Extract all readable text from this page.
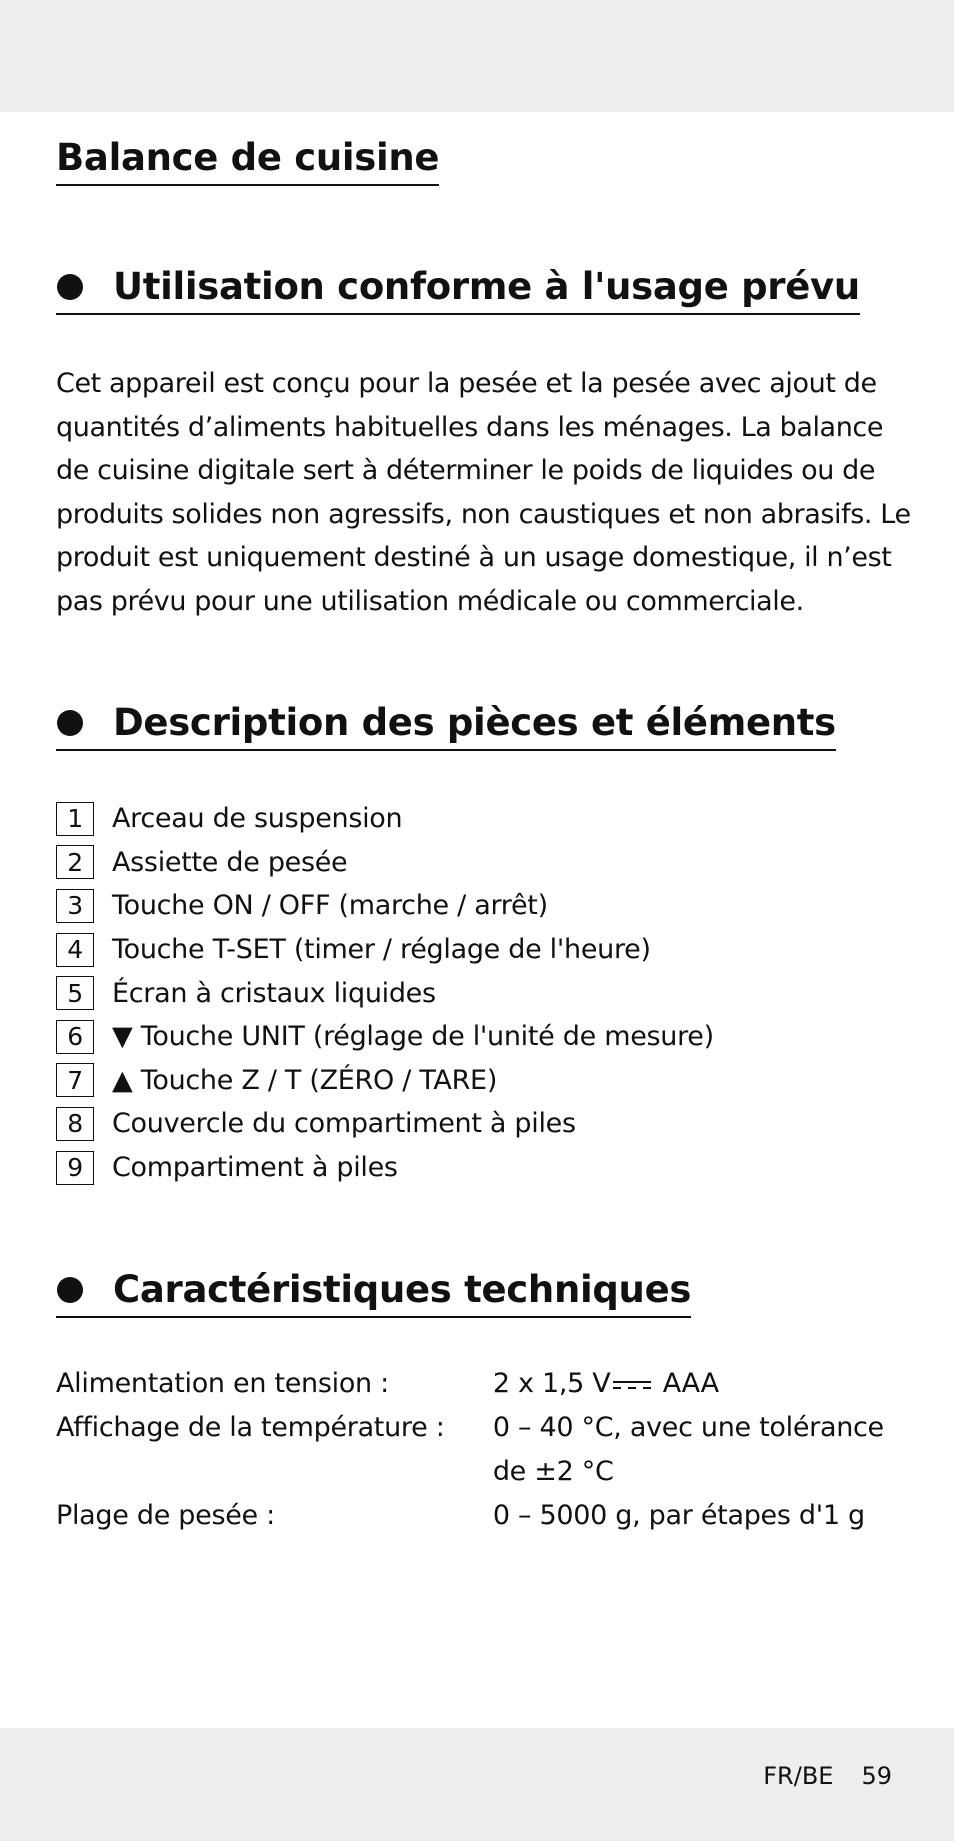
Balance de cuisine
Utilisation conforme à l'usage prévu

Cet appareil est conçu pour la pesée et la pesée avec ajout de quantités d’aliments habituelles dans les ménages. La balance de cuisine digitale sert à déterminer le poids de liquides ou de produits solides non agressifs, non caustiques et non abrasifs. Le produit est uniquement destiné à un usage domestique, il n’est pas prévu pour une utilisation médicale ou commerciale.

Description des pièces et éléments
1	Arceau de suspension
2	Assiette de pesée
3	Touche ON / OFF (marche / arrêt)
4	Touche T-SET (timer / réglage de l'heure)
5	Écran à cristaux liquides
6	▼ Touche UNIT (réglage de l'unité de mesure)
7	▲ Touche Z / T (ZÉRO / TARE)
8	Couvercle du compartiment à piles
9	Compartiment à piles
Caractéristiques techniques
Alimentation en tension :	2 x 1,5 V AAA
Affichage de la température :	0 – 40 °C, avec une tolérance de ±2 °C
Plage de pesée :	0 – 5000 g, par étapes d'1 g
FR/BE 59
